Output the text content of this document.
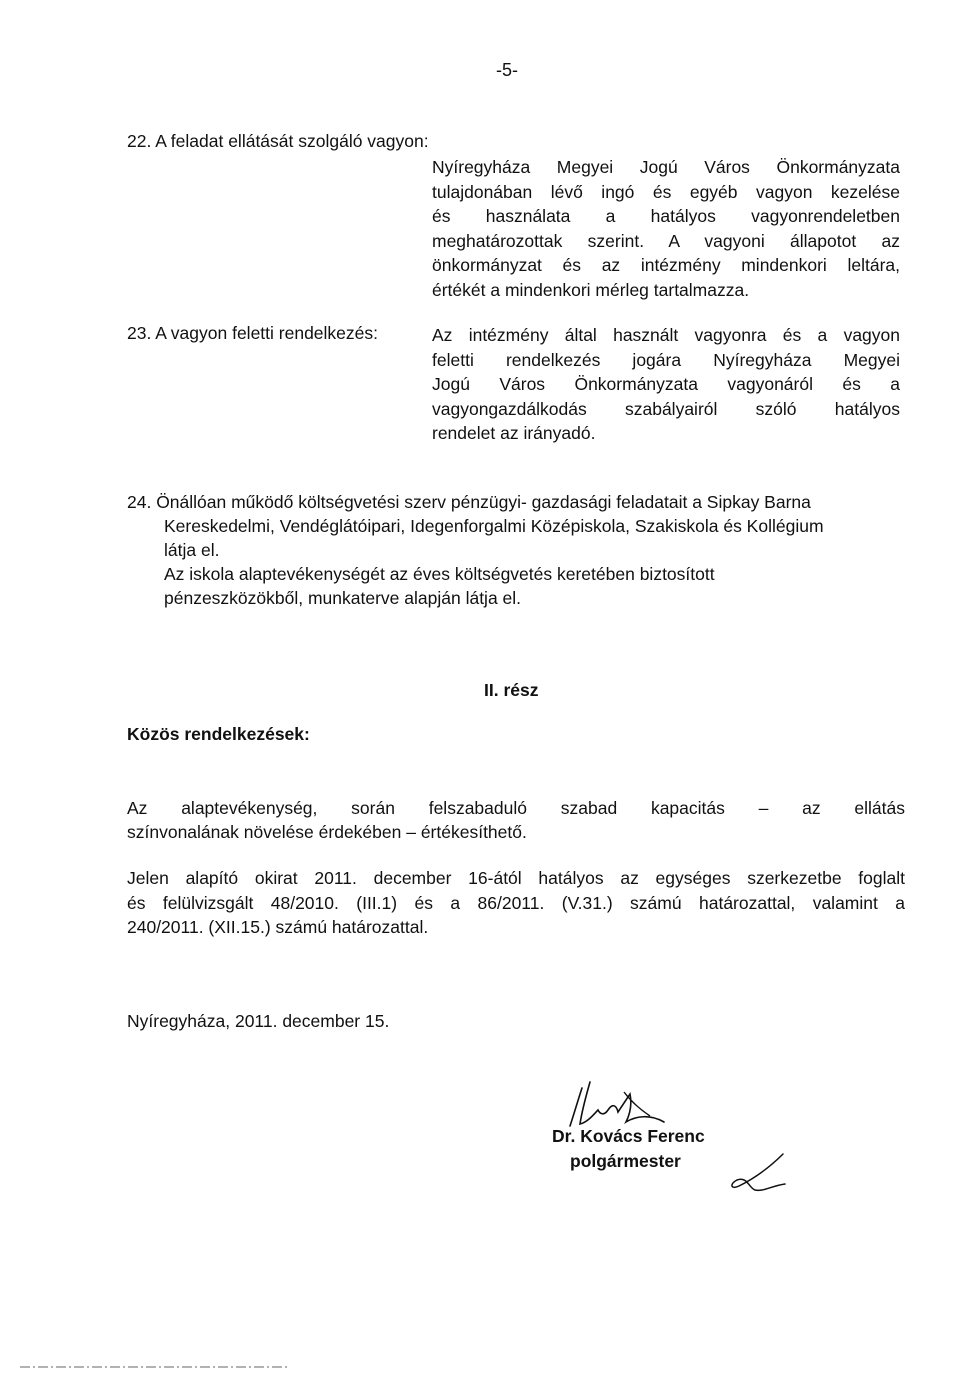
-5-
22. A feladat ellátását szolgáló vagyon:
Nyíregyháza Megyei Jogú Város Önkormányzata
tulajdonában lévő ingó és egyéb vagyon kezelése
és használata a hatályos vagyonrendeletben
meghatározottak szerint. A vagyoni állapotot az
önkormányzat és az intézmény mindenkori leltára,
értékét a mindenkori mérleg tartalmazza.
23. A vagyon feletti rendelkezés:	Az intézmény által használt vagyonra és a vagyon
feletti rendelkezés jogára Nyíregyháza Megyei
Jogú Város Önkormányzata vagyonáról és a
vagyongazdálkodás szabályairól szóló hatályos
rendelet az irányadó.
24. Önállóan működő költségvetési szerv pénzügyi- gazdasági feladatait a Sipkay Barna
Kereskedelmi, Vendéglátóipari, Idegenforgalmi Középiskola, Szakiskola és Kollégium
látja el.
Az iskola alaptevékenységét az éves költségvetés keretében biztosított
pénzeszközökből, munkaterve alapján látja el.
II. rész
Közös rendelkezések:
Az alaptevékenység, során felszabaduló szabad kapacitás – az ellátás
színvonalának növelése érdekében – értékesíthető.
Jelen alapító okirat 2011. december 16-ától hatályos az egységes szerkezetbe foglalt
és felülvizsgált 48/2010. (III.1) és a 86/2011. (V.31.) számú határozattal, valamint a
240/2011. (XII.15.) számú határozattal.
Nyíregyháza, 2011. december 15.
Dr. Kovács Ferenc
polgármester
